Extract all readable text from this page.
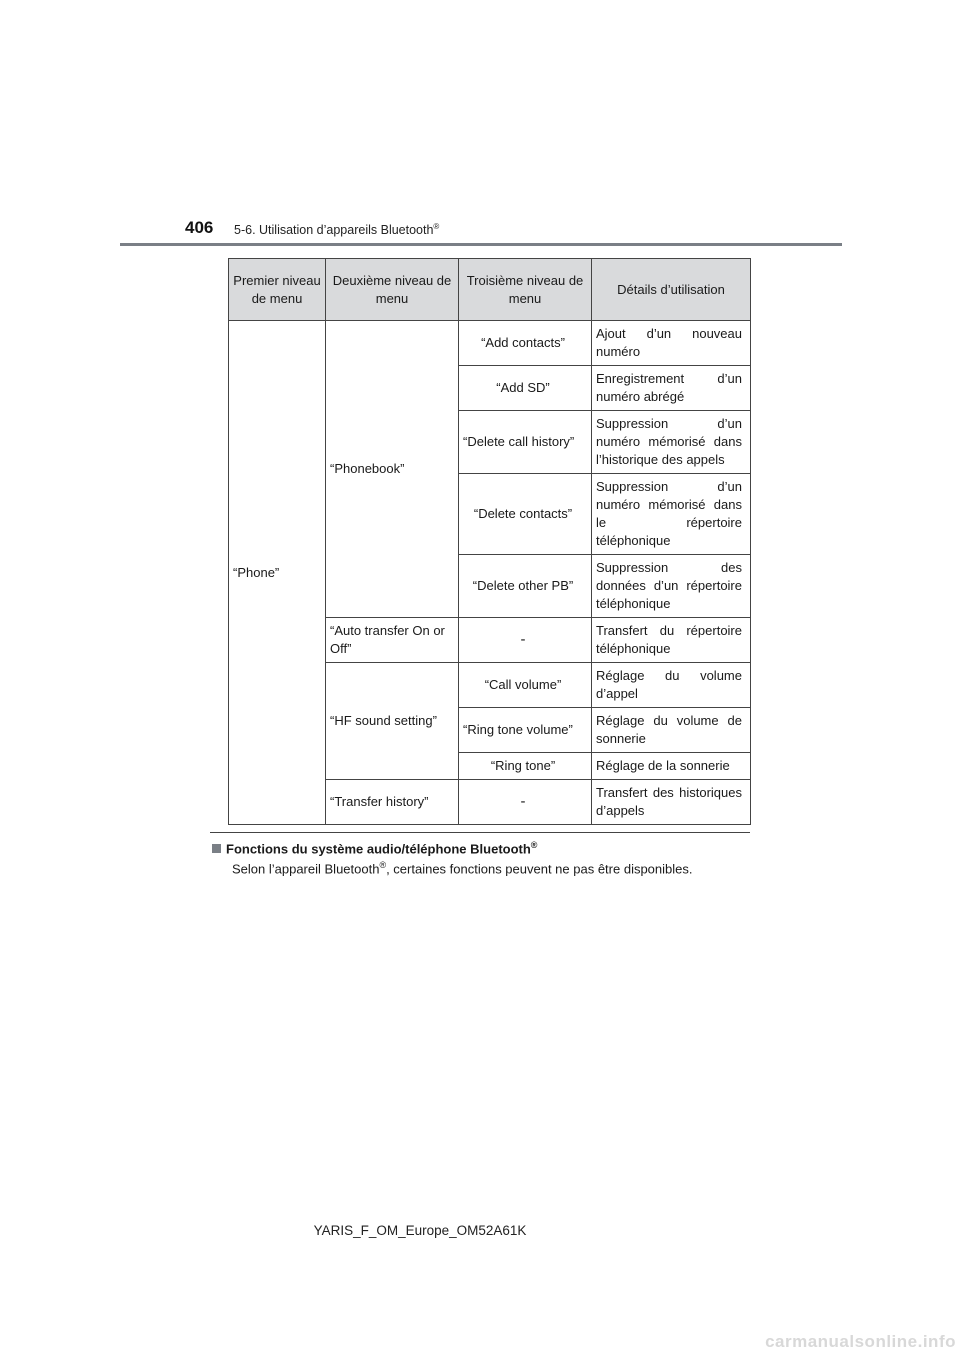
406 5-6. Utilisation d’appareils Bluetooth®
Premier niveau de menu	Deuxième niveau de menu	Troisième niveau de menu	Détails d’utilisation
“Phone”	“Phonebook”	“Add contacts”	Ajout d’un nouveau numéro
		“Add SD”	Enregistrement d’un numéro abrégé
		“Delete call history”	Suppression d’un numéro mémorisé dans l’historique des appels
		“Delete contacts”	Suppression d’un numéro mémorisé dans le répertoire téléphonique
		“Delete other PB”	Suppression des données d’un répertoire téléphonique
	“Auto transfer On or Off”	-	Transfert du répertoire téléphonique
	“HF sound setting”	“Call volume”	Réglage du volume d’appel
		“Ring tone volume”	Réglage du volume de sonnerie
		“Ring tone”	Réglage de la sonnerie
	“Transfer history”	-	Transfert des historiques d’appels
Fonctions du système audio/téléphone Bluetooth®
Selon l’appareil Bluetooth®, certaines fonctions peuvent ne pas être disponibles.
YARIS_F_OM_Europe_OM52A61K
carmanualsonline.info
